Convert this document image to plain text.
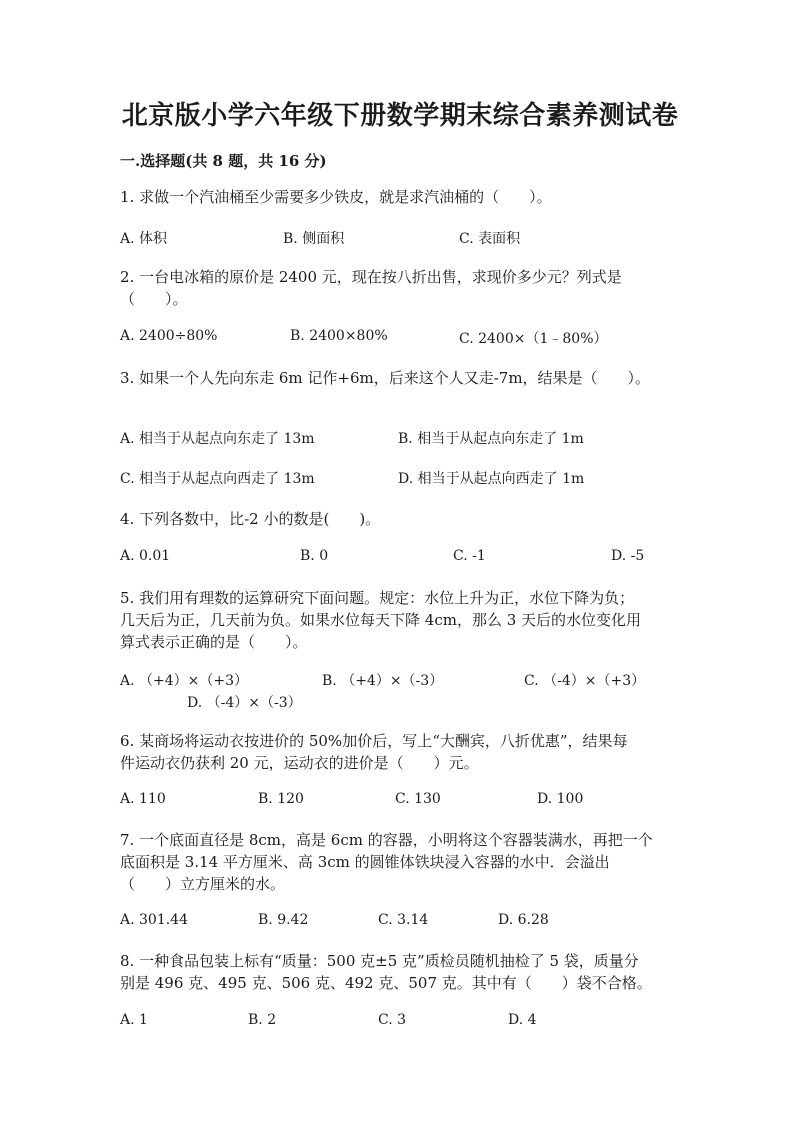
北京版小学六年级下册数学期末综合素养测试卷
一.选择题(共 8 题，共 16 分)
1. 求做一个汽油桶至少需要多少铁皮，就是求汽油桶的（　　）。
A. 体积	B. 侧面积	C. 表面积
2. 一台电冰箱的原价是 2400 元，现在按八折出售，求现价多少元？列式是
（　　）。
A. 2400÷80%	B. 2400×80%	C. 2400×（1﹣80%）
3. 如果一个人先向东走 6m 记作+6m，后来这个人又走-7m，结果是（　　）。
A. 相当于从起点向东走了 13m	B. 相当于从起点向东走了 1m
C. 相当于从起点向西走了 13m	D. 相当于从起点向西走了 1m
4. 下列各数中，比-2 小的数是(　　)。
A. 0.01	B. 0	C. -1	D. -5
5. 我们用有理数的运算研究下面问题。规定：水位上升为正，水位下降为负；
几天后为正，几天前为负。如果水位每天下降 4cm，那么 3 天后的水位变化用
算式表示正确的是（　　）。
A. （+4）×（+3）	B. （+4）×（-3）	C. （-4）×（+3）
D. （-4）×（-3）
6. 某商场将运动衣按进价的 50%加价后，写上“大酬宾，八折优惠”，结果每
件运动衣仍获利 20 元，运动衣的进价是（　　）元。
A. 110	B. 120	C. 130	D. 100
7. 一个底面直径是 8cm，高是 6cm 的容器，小明将这个容器装满水，再把一个
底面积是 3.14 平方厘米、高 3cm 的圆锥体铁块浸入容器的水中．会溢出
（　　）立方厘米的水。
A. 301.44	B. 9.42	C. 3.14	D. 6.28
8. 一种食品包装上标有“质量：500 克±5 克”质检员随机抽检了 5 袋，质量分
别是 496 克、495 克、506 克、492 克、507 克。其中有（　　）袋不合格。
A. 1	B. 2	C. 3	D. 4
